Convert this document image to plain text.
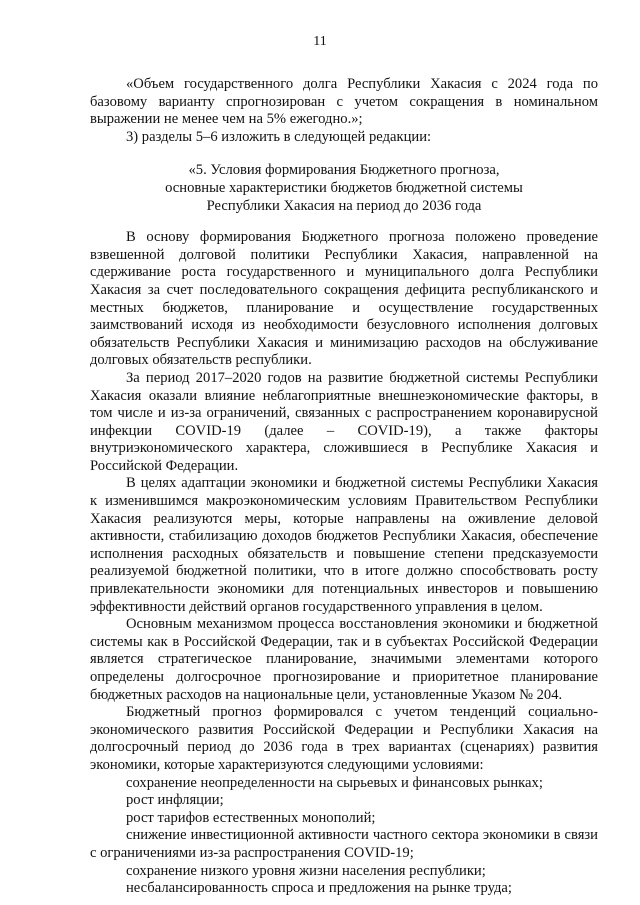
11

«Объем государственного долга Республики Хакасия с 2024 года по базовому варианту спрогнозирован с учетом сокращения в номинальном выражении не менее чем на 5% ежегодно.»;

3) разделы 5–6 изложить в следующей редакции:

«5. Условия формирования Бюджетного прогноза,
основные характеристики бюджетов бюджетной системы
Республики Хакасия на период до 2036 года

В основу формирования Бюджетного прогноза положено проведение взвешенной долговой политики Республики Хакасия, направленной на сдерживание роста государственного и муниципального долга Республики Хакасия за счет последовательного сокращения дефицита республиканского и местных бюджетов, планирование и осуществление государственных заимствований исходя из необходимости безусловного исполнения долговых обязательств Республики Хакасия и минимизацию расходов на обслуживание долговых обязательств республики.

За период 2017–2020 годов на развитие бюджетной системы Республики Хакасия оказали влияние неблагоприятные внешнеэкономические факторы, в том числе и из-за ограничений, связанных с распространением коронавирусной инфекции COVID-19 (далее – COVID-19), а также факторы внутриэкономического характера, сложившиеся в Республике Хакасия и Российской Федерации.

В целях адаптации экономики и бюджетной системы Республики Хакасия к изменившимся макроэкономическим условиям Правительством Республики Хакасия реализуются меры, которые направлены на оживление деловой активности, стабилизацию доходов бюджетов Республики Хакасия, обеспечение исполнения расходных обязательств и повышение степени предсказуемости реализуемой бюджетной политики, что в итоге должно способствовать росту привлекательности экономики для потенциальных инвесторов и повышению эффективности действий органов государственного управления в целом.

Основным механизмом процесса восстановления экономики и бюджетной системы как в Российской Федерации, так и в субъектах Российской Федерации является стратегическое планирование, значимыми элементами которого определены долгосрочное прогнозирование и приоритетное планирование бюджетных расходов на национальные цели, установленные Указом № 204.

Бюджетный прогноз формировался с учетом тенденций социально-экономического развития Российской Федерации и Республики Хакасия на долгосрочный период до 2036 года в трех вариантах (сценариях) развития экономики, которые характеризуются следующими условиями:

сохранение неопределенности на сырьевых и финансовых рынках;

рост инфляции;

рост тарифов естественных монополий;

снижение инвестиционной активности частного сектора экономики в связи с ограничениями из-за распространения COVID-19;

сохранение низкого уровня жизни населения республики;

несбалансированность спроса и предложения на рынке труда;
